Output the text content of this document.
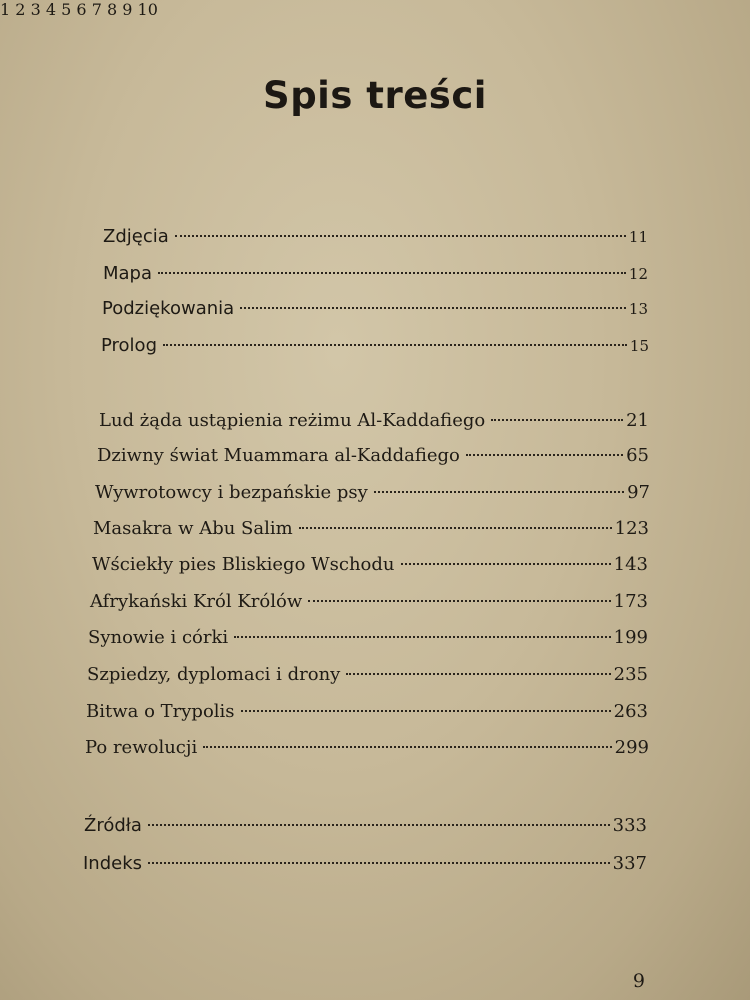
Spis treści
Zdjęcia	11
Mapa	12
Podziękowania	13
Prolog	15
1
Lud żąda ustąpienia reżimu Al-Kaddafiego	21
2
Dziwny świat Muammara al-Kaddafiego	65
3
Wywrotowcy i bezpańskie psy	97
4
Masakra w Abu Salim	123
5
Wściekły pies Bliskiego Wschodu	143
6
Afrykański Król Królów	173
7
Synowie i córki	199
8
Szpiedzy, dyplomaci i drony	235
9
Bitwa o Trypolis	263
10
Po rewolucji	299
Źródła	333
Indeks	337
9
